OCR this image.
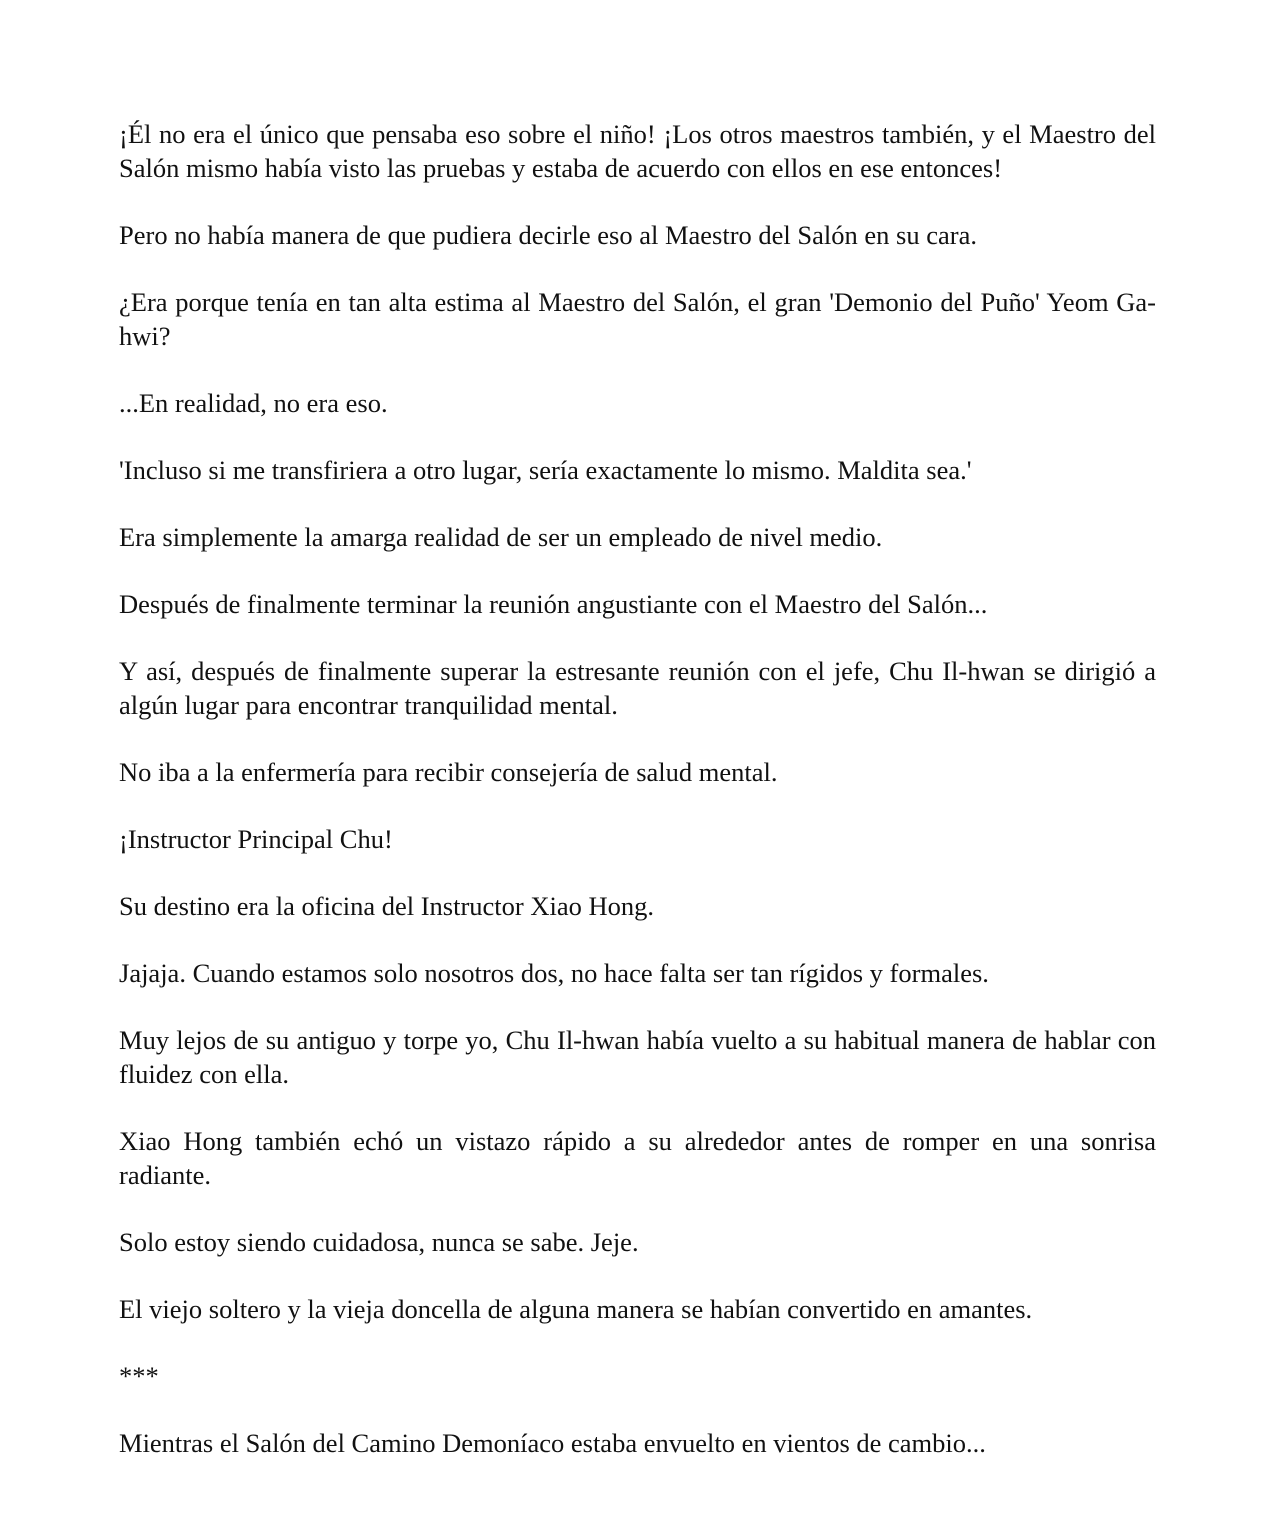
¡Él no era el único que pensaba eso sobre el niño! ¡Los otros maestros también, y el Maestro del Salón mismo había visto las pruebas y estaba de acuerdo con ellos en ese entonces!

Pero no había manera de que pudiera decirle eso al Maestro del Salón en su cara.

¿Era porque tenía en tan alta estima al Maestro del Salón, el gran 'Demonio del Puño' Yeom Ga-hwi?

...En realidad, no era eso.

'Incluso si me transfiriera a otro lugar, sería exactamente lo mismo. Maldita sea.'

Era simplemente la amarga realidad de ser un empleado de nivel medio.

Después de finalmente terminar la reunión angustiante con el Maestro del Salón...

Y así, después de finalmente superar la estresante reunión con el jefe, Chu Il-hwan se dirigió a algún lugar para encontrar tranquilidad mental.

No iba a la enfermería para recibir consejería de salud mental.

¡Instructor Principal Chu!

Su destino era la oficina del Instructor Xiao Hong.

Jajaja. Cuando estamos solo nosotros dos, no hace falta ser tan rígidos y formales.

Muy lejos de su antiguo y torpe yo, Chu Il-hwan había vuelto a su habitual manera de hablar con fluidez con ella.

Xiao Hong también echó un vistazo rápido a su alrededor antes de romper en una sonrisa radiante.

Solo estoy siendo cuidadosa, nunca se sabe. Jeje.

El viejo soltero y la vieja doncella de alguna manera se habían convertido en amantes.

***

Mientras el Salón del Camino Demoníaco estaba envuelto en vientos de cambio...
